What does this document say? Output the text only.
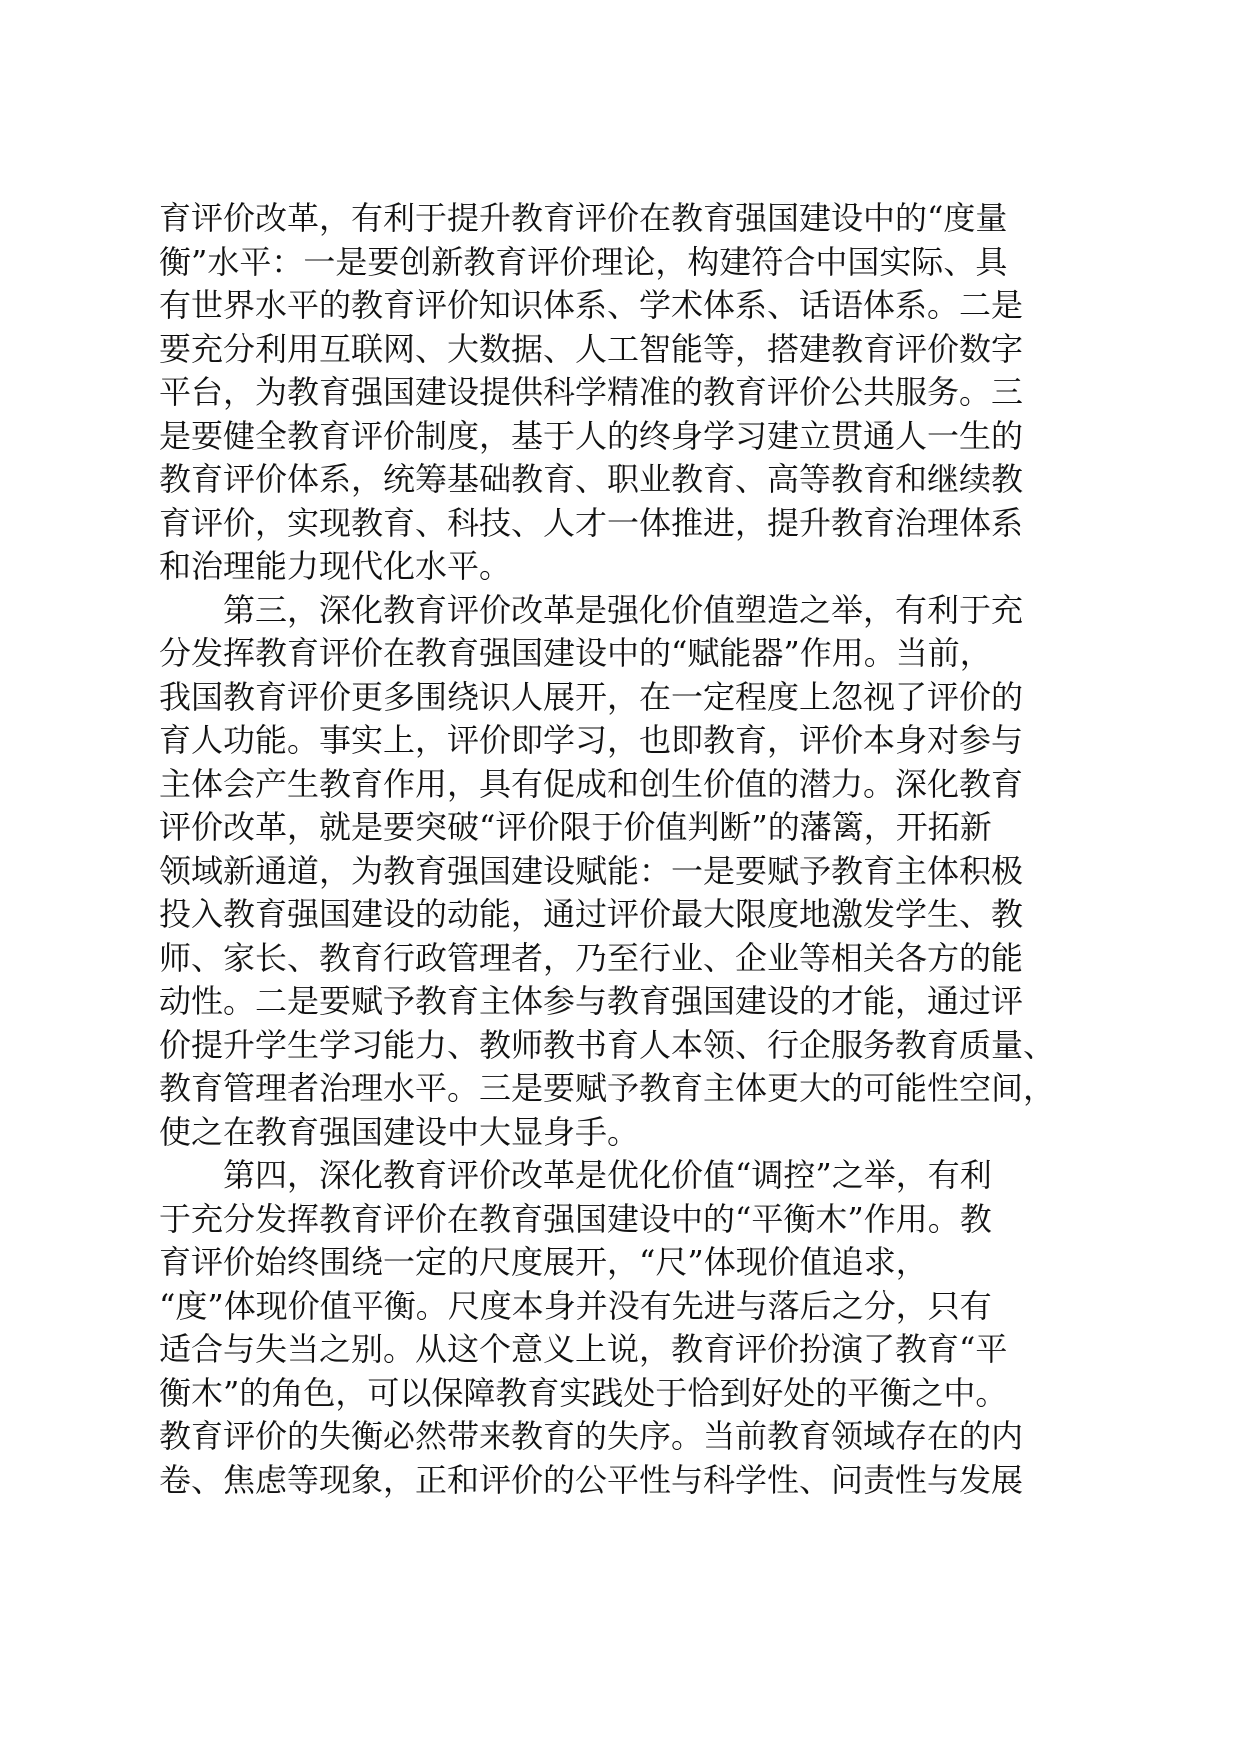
育评价改革，有利于提升教育评价在教育强国建设中的“度量
衡”水平：一是要创新教育评价理论，构建符合中国实际、具
有世界水平的教育评价知识体系、学术体系、话语体系。二是
要充分利用互联网、大数据、人工智能等，搭建教育评价数字
平台，为教育强国建设提供科学精准的教育评价公共服务。三
是要健全教育评价制度，基于人的终身学习建立贯通人一生的
教育评价体系，统筹基础教育、职业教育、高等教育和继续教
育评价，实现教育、科技、人才一体推进，提升教育治理体系
和治理能力现代化水平。
　　第三，深化教育评价改革是强化价值塑造之举，有利于充
分发挥教育评价在教育强国建设中的“赋能器”作用。当前，
我国教育评价更多围绕识人展开，在一定程度上忽视了评价的
育人功能。事实上，评价即学习，也即教育，评价本身对参与
主体会产生教育作用，具有促成和创生价值的潜力。深化教育
评价改革，就是要突破“评价限于价值判断”的藩篱，开拓新
领域新通道，为教育强国建设赋能：一是要赋予教育主体积极
投入教育强国建设的动能，通过评价最大限度地激发学生、教
师、家长、教育行政管理者，乃至行业、企业等相关各方的能
动性。二是要赋予教育主体参与教育强国建设的才能，通过评
价提升学生学习能力、教师教书育人本领、行企服务教育质量、
教育管理者治理水平。三是要赋予教育主体更大的可能性空间，
使之在教育强国建设中大显身手。
　　第四，深化教育评价改革是优化价值“调控”之举，有利
于充分发挥教育评价在教育强国建设中的“平衡木”作用。教
育评价始终围绕一定的尺度展开，“尺”体现价值追求，
“度”体现价值平衡。尺度本身并没有先进与落后之分，只有
适合与失当之别。从这个意义上说，教育评价扮演了教育“平
衡木”的角色，可以保障教育实践处于恰到好处的平衡之中。
教育评价的失衡必然带来教育的失序。当前教育领域存在的内
卷、焦虑等现象，正和评价的公平性与科学性、问责性与发展
